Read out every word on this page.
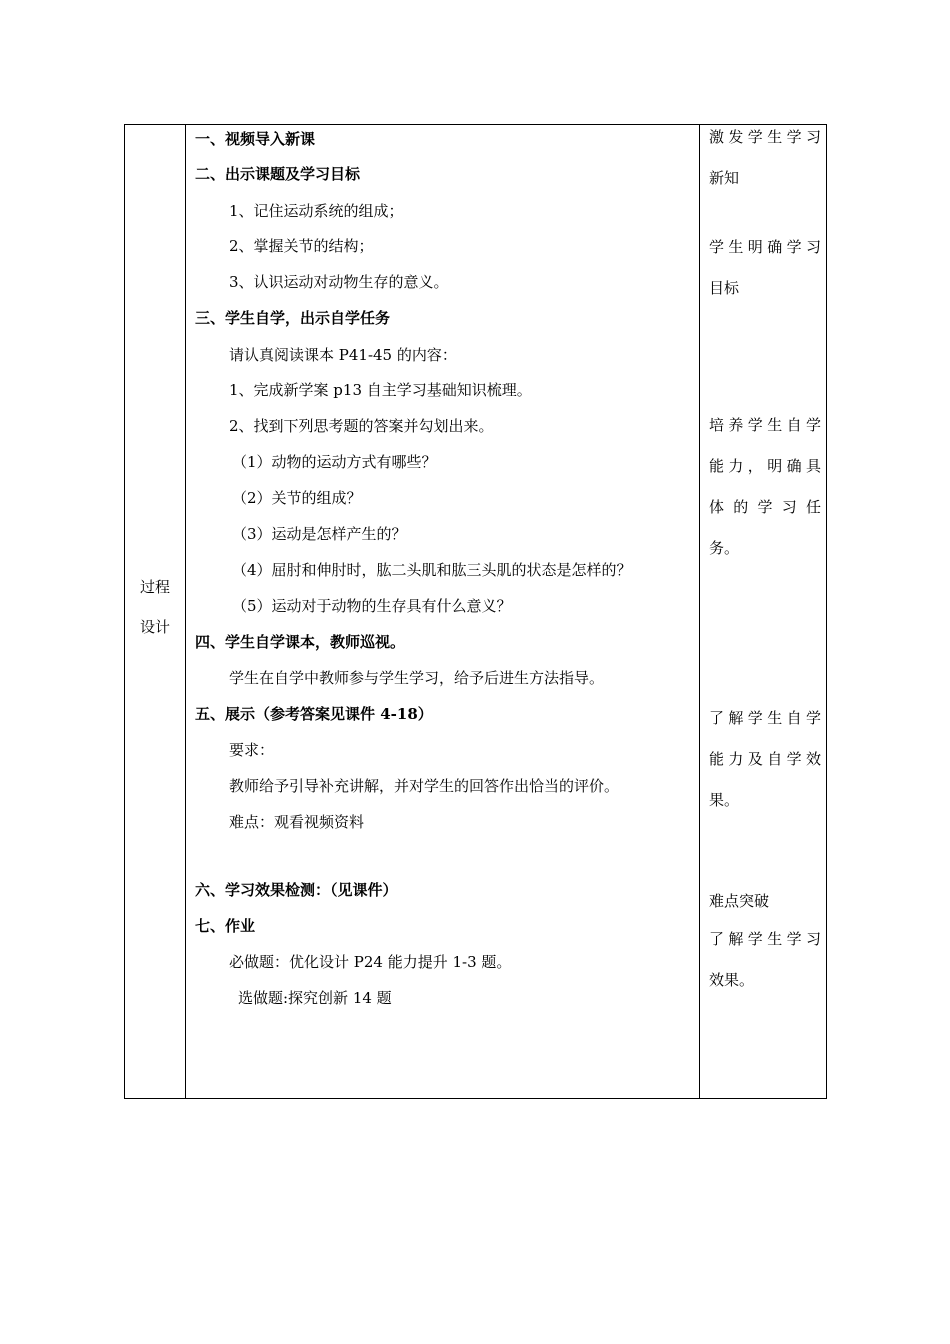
过程
设计
一、视频导入新课
二、出示课题及学习目标
1、记住运动系统的组成；
2、掌握关节的结构；
3、认识运动对动物生存的意义。
三、学生自学，出示自学任务
请认真阅读课本 P41-45 的内容：
1、完成新学案 p13 自主学习基础知识梳理。
2、找到下列思考题的答案并勾划出来。
（1）动物的运动方式有哪些？
（2）关节的组成？
（3）运动是怎样产生的？
（4）屈肘和伸肘时，肱二头肌和肱三头肌的状态是怎样的？
（5）运动对于动物的生存具有什么意义？
四、学生自学课本，教师巡视。
学生在自学中教师参与学生学习，给予后进生方法指导。
五、展示（参考答案见课件 4-18）
要求：
教师给予引导补充讲解，并对学生的回答作出恰当的评价。
难点：观看视频资料
六、学习效果检测：（见课件）
七、作业
必做题：优化设计 P24 能力提升 1-3 题。
选做题:探究创新 14 题
激发学生学习
新知
学生明确学习
目标
培养学生自学
能力，明确具
体的学习任
务。
了解学生自学
能力及自学效
果。
难点突破
了解学生学习
效果。
